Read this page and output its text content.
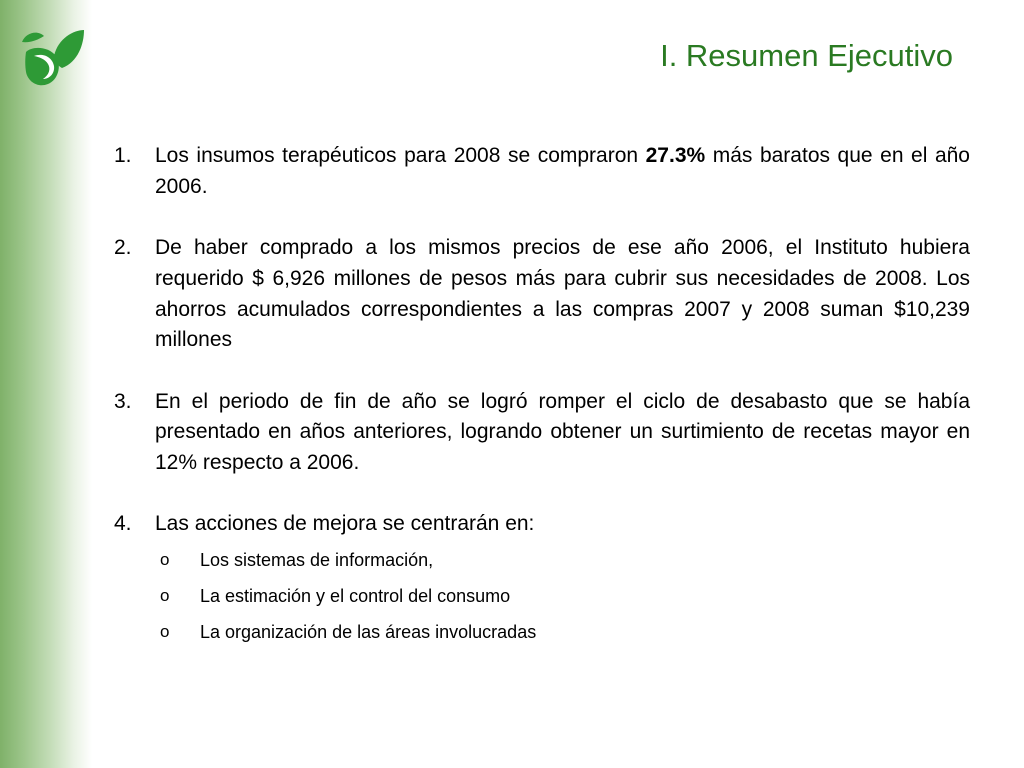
I. Resumen Ejecutivo
1. Los insumos terapéuticos para 2008 se compraron 27.3% más baratos que en el año 2006.
2. De haber comprado a los mismos precios de ese año 2006, el Instituto hubiera requerido $ 6,926 millones de pesos más para cubrir sus necesidades de 2008. Los ahorros acumulados correspondientes a las compras 2007 y 2008 suman $10,239 millones
3. En el periodo de fin de año se logró romper el ciclo de desabasto que se había presentado en años anteriores, logrando obtener un surtimiento de recetas mayor en 12% respecto a 2006.
4. Las acciones de mejora se centrarán en:
o Los sistemas de información,
o La estimación y el control del consumo
o La organización de las áreas involucradas
